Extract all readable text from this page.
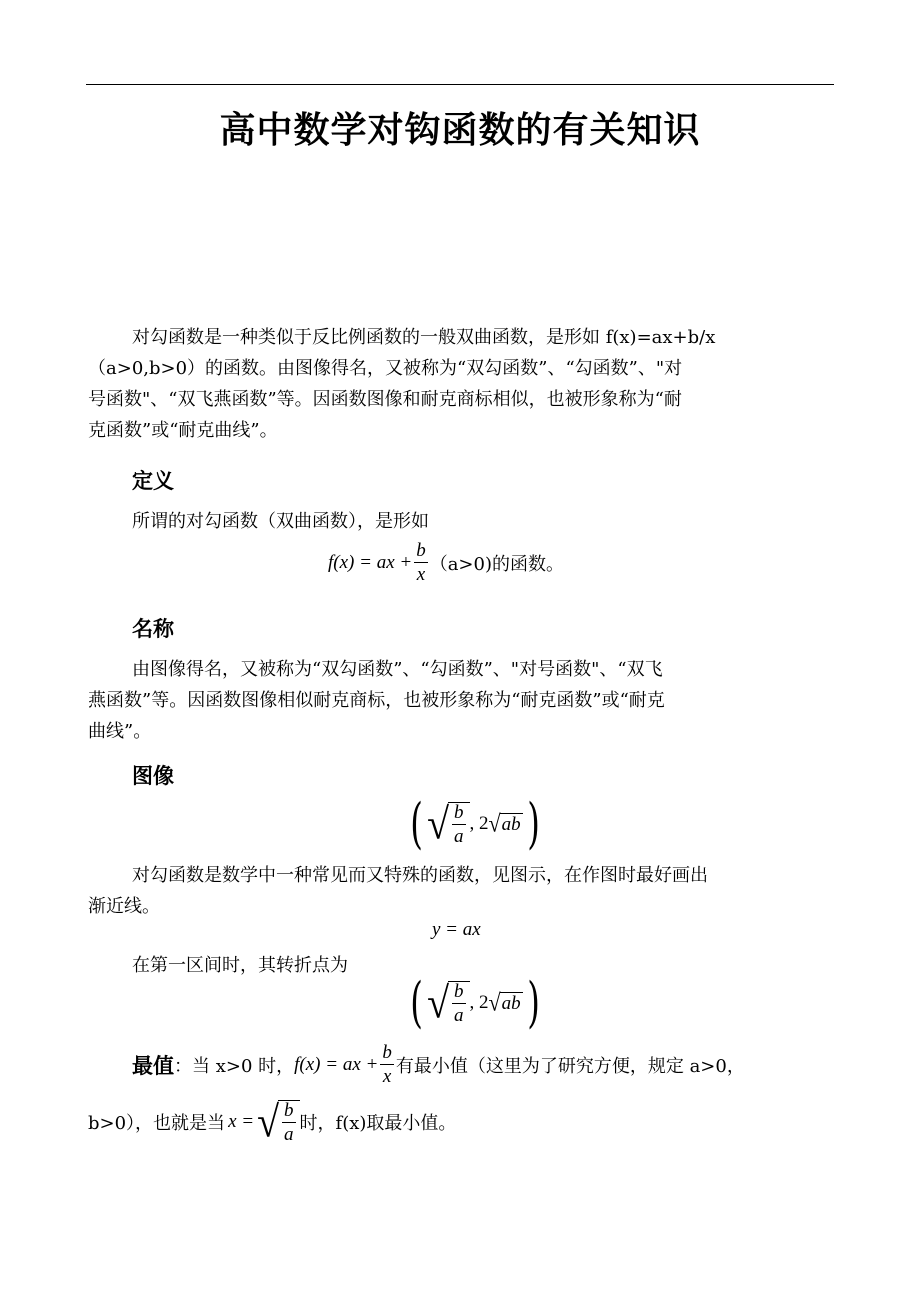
高中数学对钩函数的有关知识
对勾函数是一种类似于反比例函数的一般双曲函数，是形如 f(x)=ax+b/x
（a>0,b>0）的函数。由图像得名，又被称为“双勾函数”、“勾函数”、"对
号函数"、“双飞燕函数”等。因函数图像和耐克商标相似，也被形象称为“耐
克函数”或“耐克曲线”。
定义
所谓的对勾函数（双曲函数），是形如
f(x) = ax + $\frac{b}{x} (a>0)$的函数。
名称
由图像得名，又被称为“双勾函数”、“勾函数”、"对号函数"、“双飞
燕函数”等。因函数图像相似耐克商标，也被形象称为“耐克函数”或“耐克
曲线”。
图像
( √ $\frac{b}{a}$ , 2 √ ab )
对勾函数是数学中一种常见而又特殊的函数，见图示，在作图时最好画出
渐近线。
y = ax
在第一区间时，其转折点为
( √ $\frac{b}{a}$ , 2 √ ab )
最值 ：当 x>0 时， f(x) = ax + $\frac{b}{x}$ 有最小值（这里为了研究方便，规定 a>0，
b>0），也就是当 x = √ $\frac{b}{a}$ 时，f(x)取最小值。
